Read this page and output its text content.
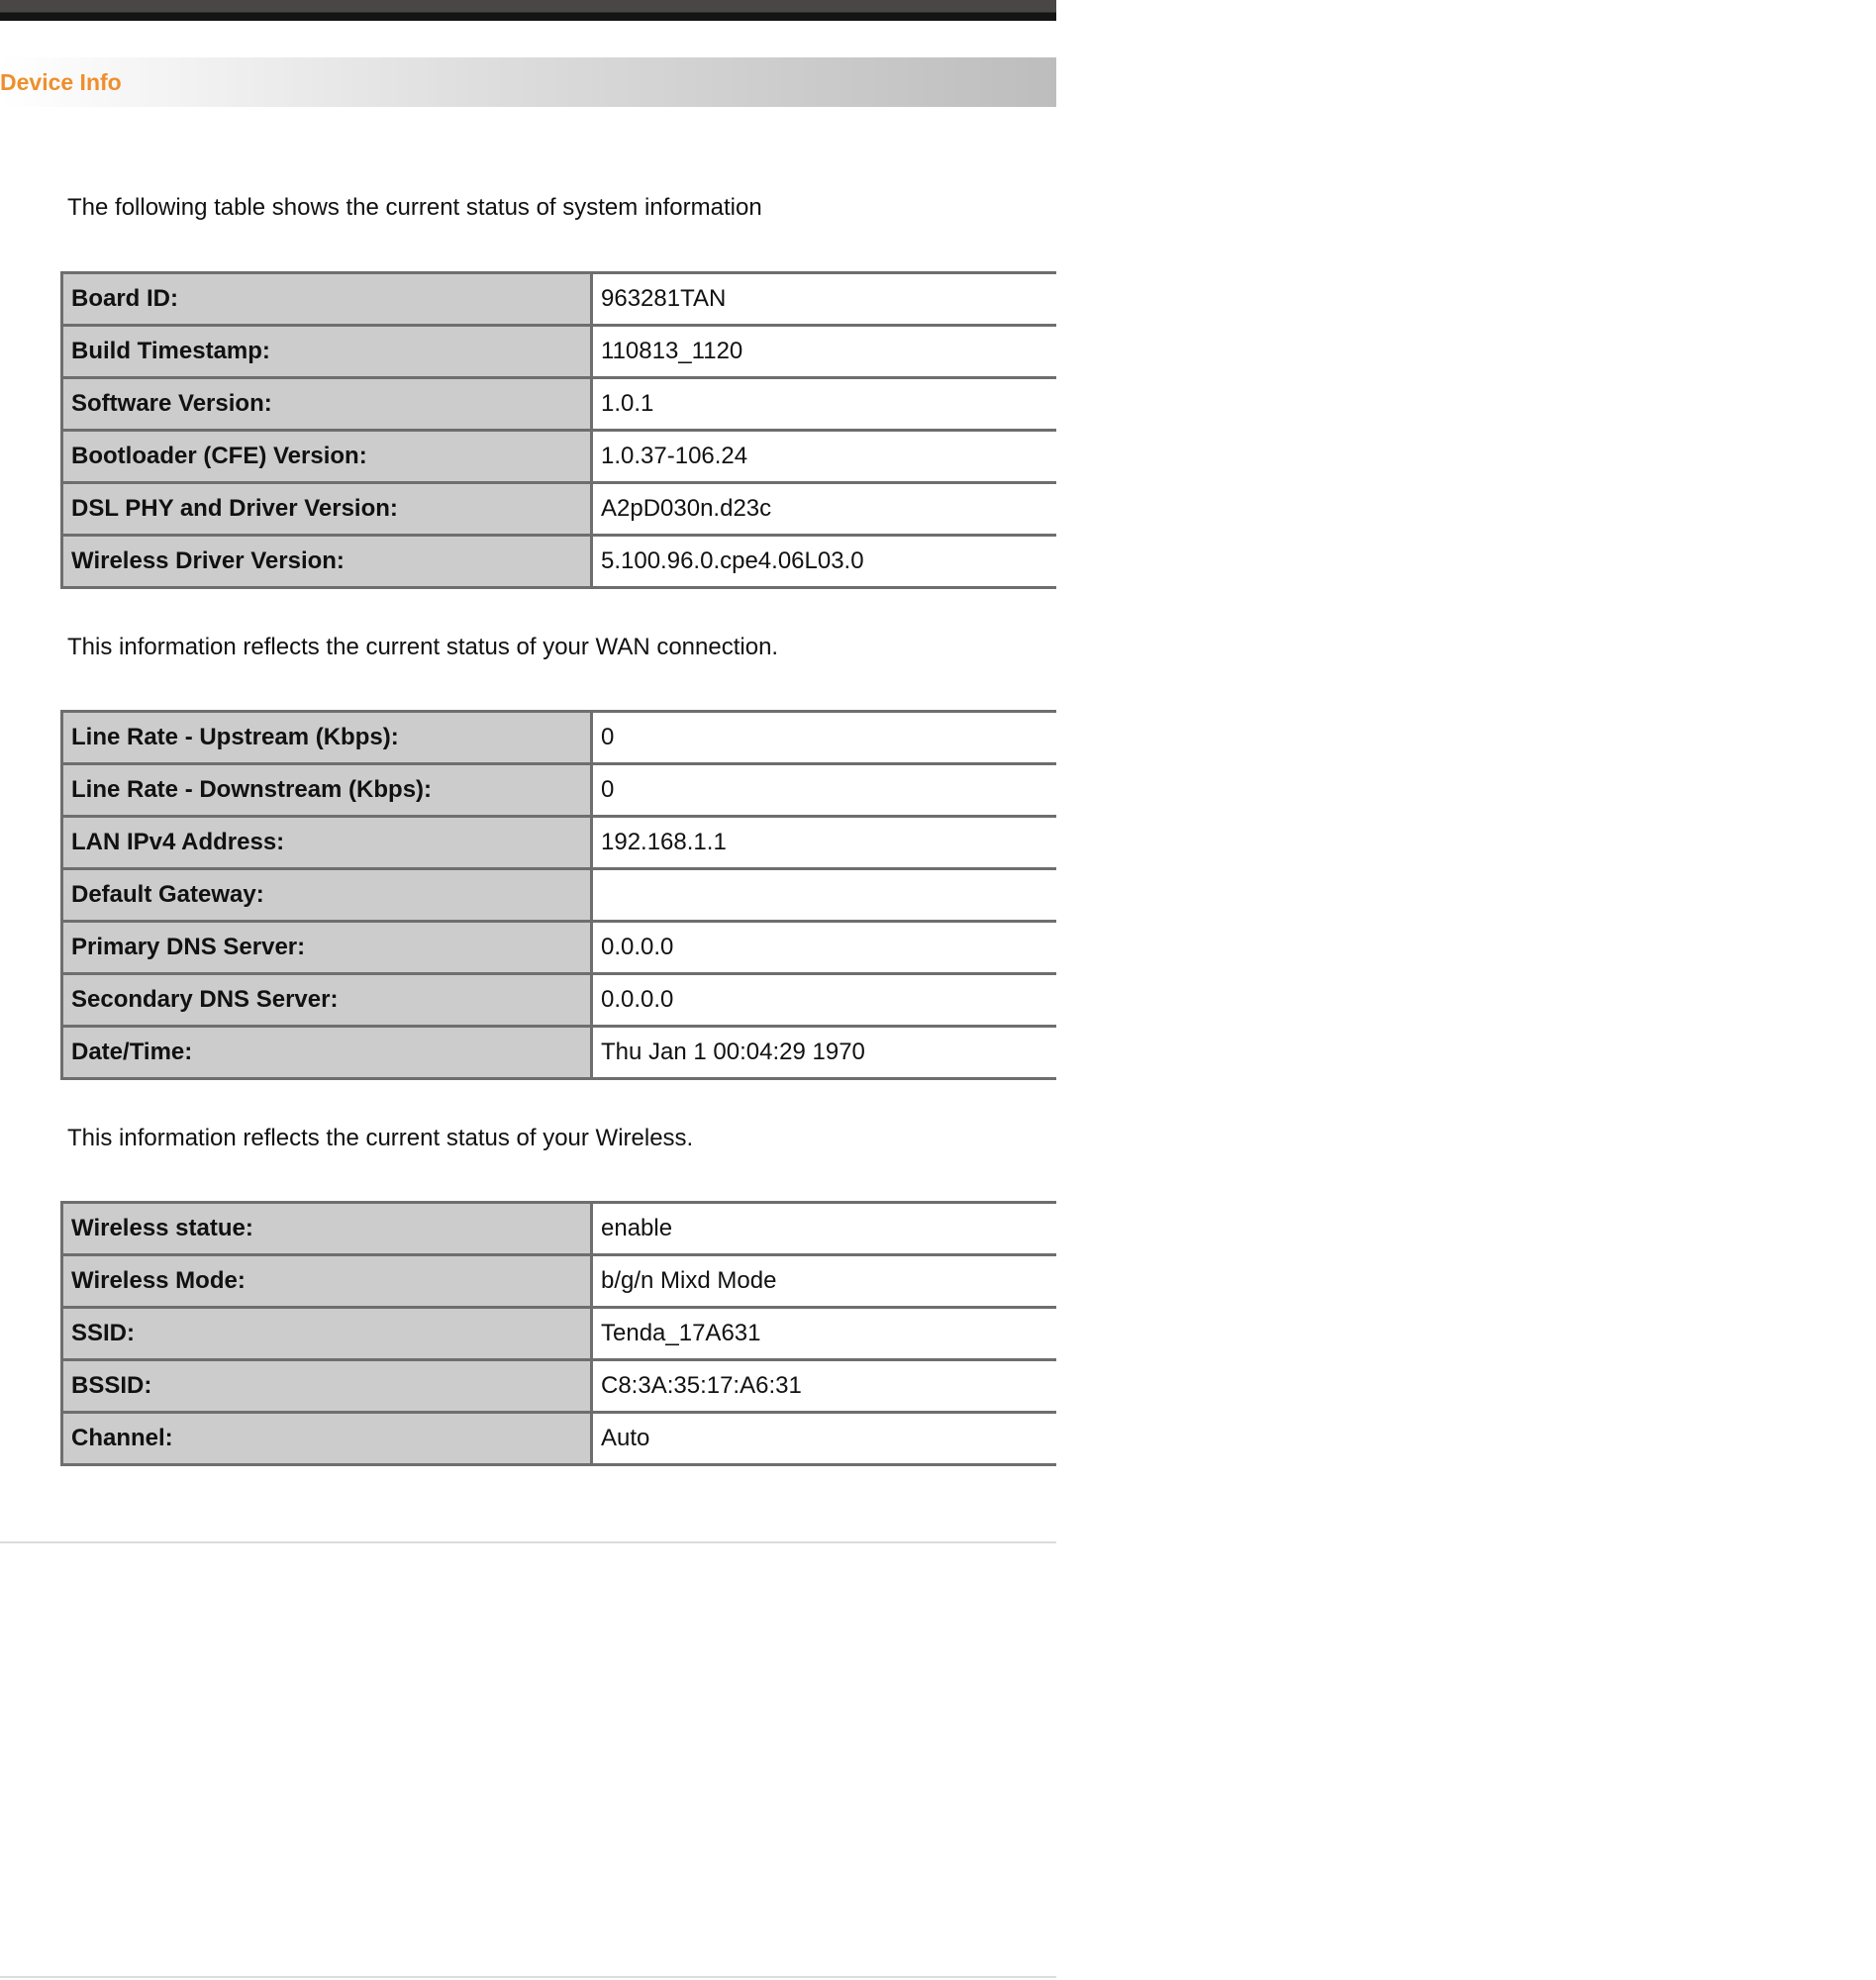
Device Info
The following table shows the current status of system information
Board ID:	963281TAN
Build Timestamp:	110813_1120
Software Version:	1.0.1
Bootloader (CFE) Version:	1.0.37-106.24
DSL PHY and Driver Version:	A2pD030n.d23c
Wireless Driver Version:	5.100.96.0.cpe4.06L03.0
This information reflects the current status of your WAN connection.
Line Rate - Upstream (Kbps):	0
Line Rate - Downstream (Kbps):	0
LAN IPv4 Address:	192.168.1.1
Default Gateway:	
Primary DNS Server:	0.0.0.0
Secondary DNS Server:	0.0.0.0
Date/Time:	Thu Jan 1 00:04:29 1970
This information reflects the current status of your Wireless.
Wireless statue:	enable
Wireless Mode:	b/g/n Mixd Mode
SSID:	Tenda_17A631
BSSID:	C8:3A:35:17:A6:31
Channel:	Auto
